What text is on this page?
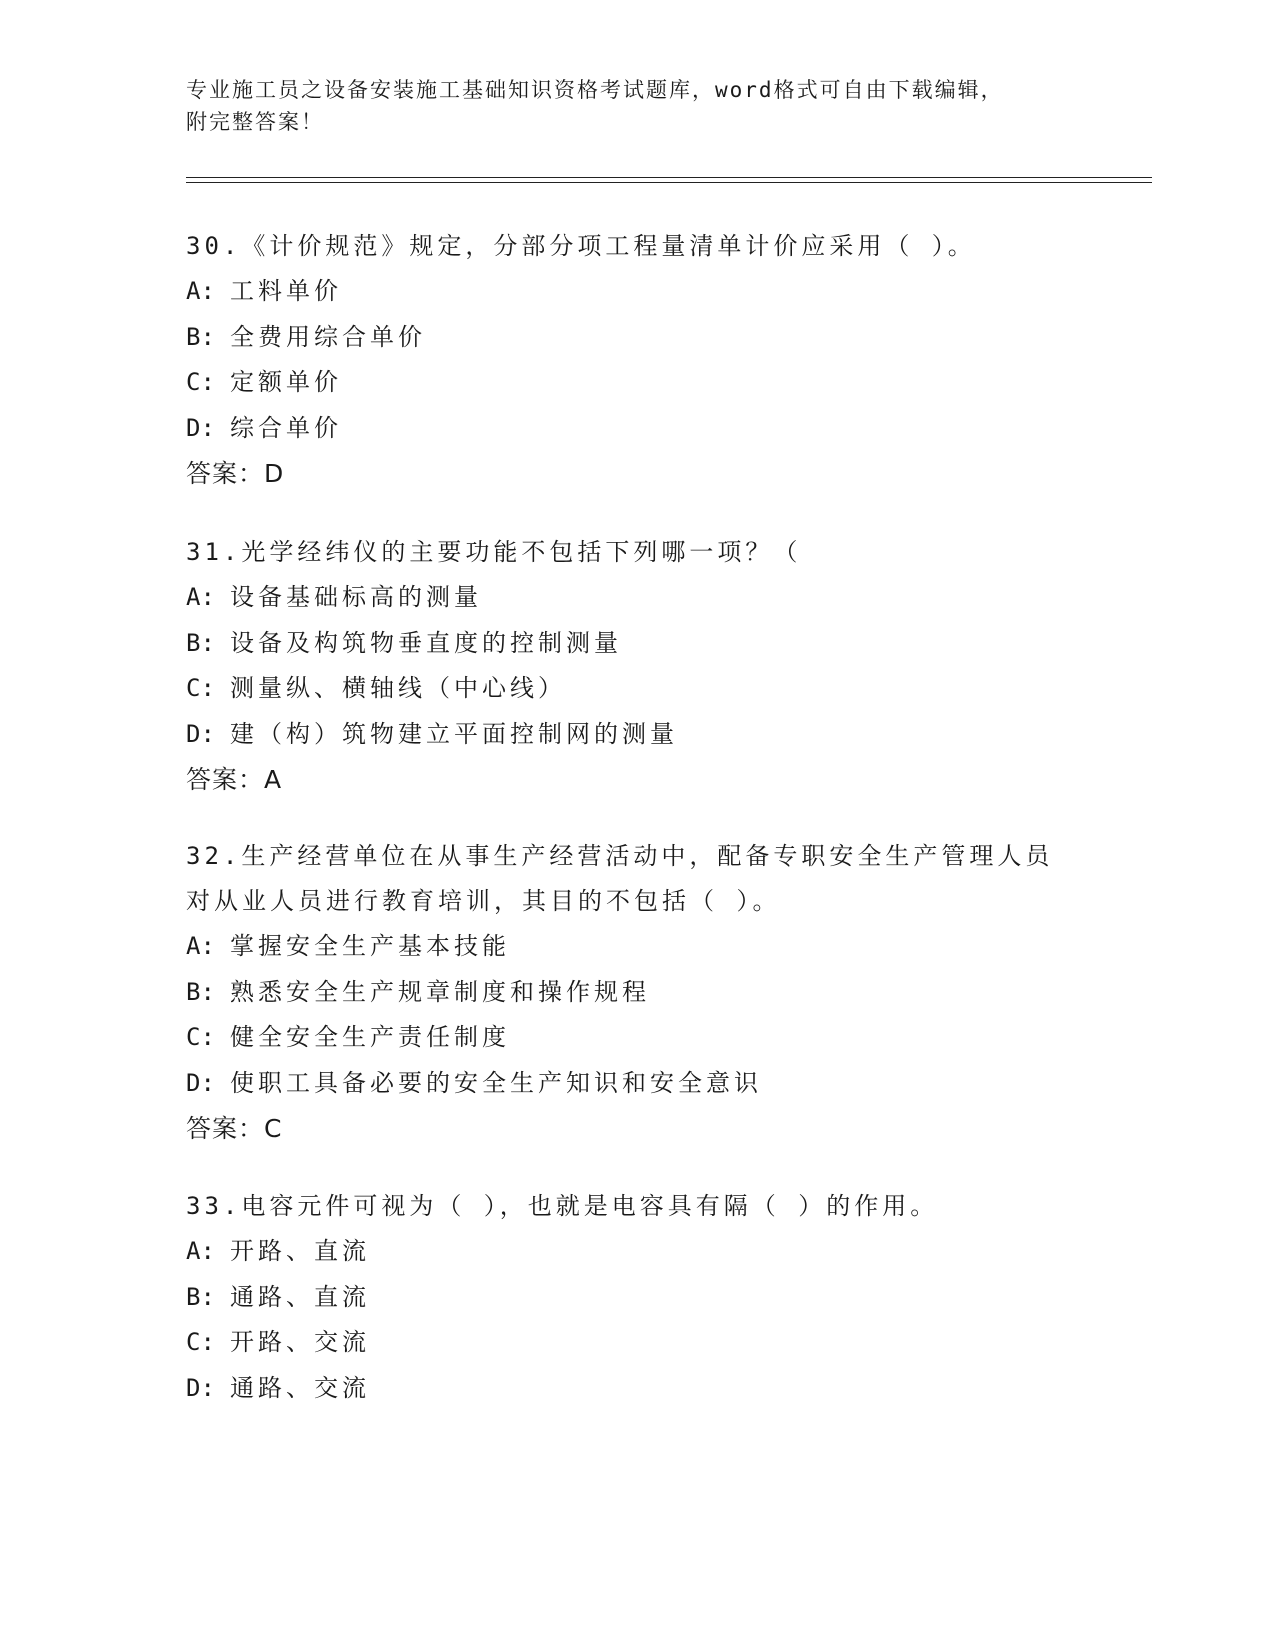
专业施工员之设备安装施工基础知识资格考试题库，word格式可自由下载编辑，
附完整答案！
30.《计价规范》规定，分部分项工程量清单计价应采用（ ）。
A: 工料单价
B: 全费用综合单价
C: 定额单价
D: 综合单价
答案：D
31.光学经纬仪的主要功能不包括下列哪一项？（
A: 设备基础标高的测量
B: 设备及构筑物垂直度的控制测量
C: 测量纵、横轴线（中心线）
D: 建（构）筑物建立平面控制网的测量
答案：A
32.生产经营单位在从事生产经营活动中，配备专职安全生产管理人员
对从业人员进行教育培训，其目的不包括（ ）。
A: 掌握安全生产基本技能
B: 熟悉安全生产规章制度和操作规程
C: 健全安全生产责任制度
D: 使职工具备必要的安全生产知识和安全意识
答案：C
33.电容元件可视为（ ），也就是电容具有隔（ ）的作用。
A: 开路、直流
B: 通路、直流
C: 开路、交流
D: 通路、交流
